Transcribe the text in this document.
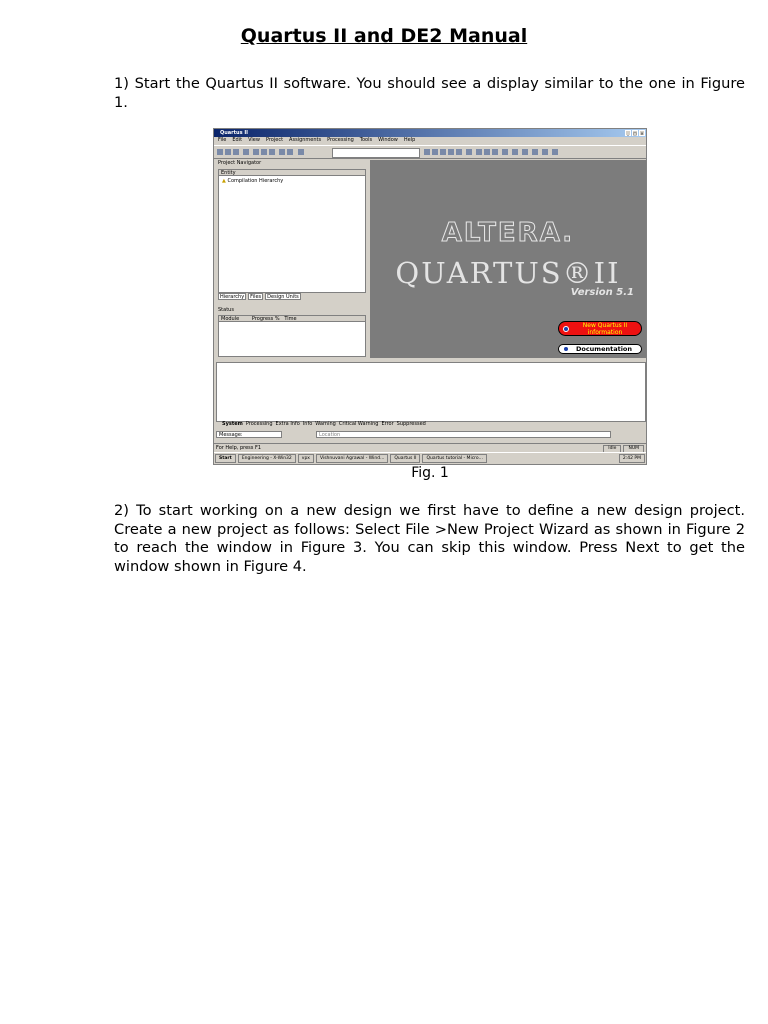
Quartus II and DE2 Manual
1) Start the Quartus II software. You should see a display similar to the one in Figure 1.
Quartus II	_	□ ×
File Edit View Project Assignments Processing Tools Window Help
Project Navigator
Entity
▲ Compilation Hierarchy
Hierarchy	Files	Design Units
Status
Module	Progress % Time
ALTERA.
QUARTUS®II
Version 5.1
New Quartus II information
Documentation
System Processing Extra Info Info Warning Critical Warning Error Suppressed
Message:	Location
For Help, press F1	Idle	NUM
Start	Engineering - X-Win32	vpx	Vishnuvani Agrawal - Wind...	Quartus II	Quartus tutorial - Micro...	2:42 PM
Fig. 1
2) To start working on a new design we first have to define a new design project. Create a new project as follows: Select File >New Project Wizard as shown in Figure 2 to reach the window in Figure 3. You can skip this window. Press Next to get the window shown in Figure 4.
